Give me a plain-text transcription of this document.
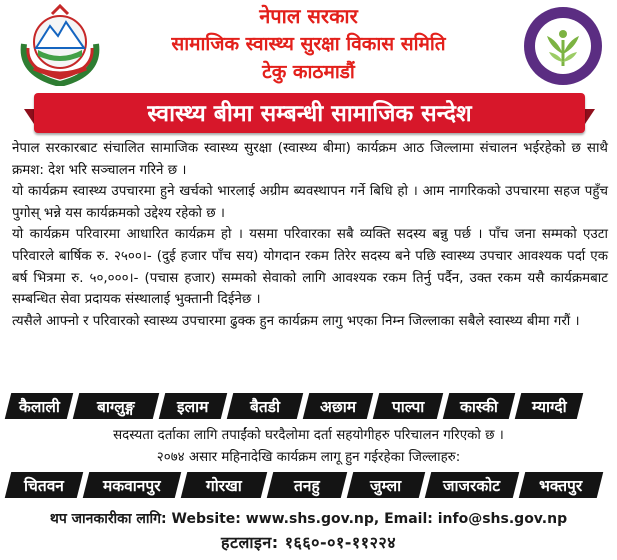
नेपाल सरकार
सामाजिक स्वास्थ्य सुरक्षा विकास समिति
टेकु काठमाडौं
स्वास्थ्य बीमा सम्बन्धी सामाजिक सन्देश

नेपाल सरकारबाट संचालित सामाजिक स्वास्थ्य सुरक्षा (स्वास्थ्य बीमा) कार्यक्रम आठ जिल्लामा संचालन भईरहेको छ साथै क्रमश: देश भरि सञ्चालन गरिने छ ।

यो कार्यक्रम स्वास्थ्य उपचारमा हुने खर्चको भारलाई अग्रीम ब्यवस्थापन गर्ने बिधि हो । आम नागरिकको उपचारमा सहज पहुँच पुगोस् भन्ने यस कार्यक्रमको उद्देश्य रहेको छ ।

यो कार्यक्रम परिवारमा आधारित कार्यक्रम हो । यसमा परिवारका सबै व्यक्ति सदस्य बन्नु पर्छ । पाँच जना सम्मको एउटा परिवारले बार्षिक रु. २५००।- (दुई हजार पाँच सय) योगदान रकम तिरेर सदस्य बने पछि स्वास्थ्य उपचार आवश्यक पर्दा एक बर्ष भित्रमा रु. ५०,०००।- (पचास हजार) सम्मको सेवाको लागि आवश्यक रकम तिर्नु पर्दैन, उक्त रकम यसै कार्यक्रमबाट सम्बन्धित सेवा प्रदायक संस्थालाई भुक्तानी दिईनेछ ।

त्यसैले आफ्नो र परिवारको स्वास्थ्य उपचारमा ढुक्क हुन कार्यक्रम लागु भएका निम्न जिल्लाका सबैले स्वास्थ्य बीमा गरौं ।

कैलाली बाग्लुङ्ग	इलाम	बैतडी	अछाम पाल्पा कास्की म्याग्दी
सदस्यता दर्ताका लागि तपाईंको घरदैलोमा दर्ता सहयोगीहरु परिचालन गरिएको छ ।
२०७४ असार महिनादेखि कार्यक्रम लागू हुन गईरहेका जिल्लाहरु:
चितवन	मकवानपुर	गोरखा	तनहु	जुम्ला	जाजरकोट	भक्तपुर
थप जानकारीका लागि: Website: www.shs.gov.np, Email: info@shs.gov.np
हटलाइन: १६६०-०१-११२२४
